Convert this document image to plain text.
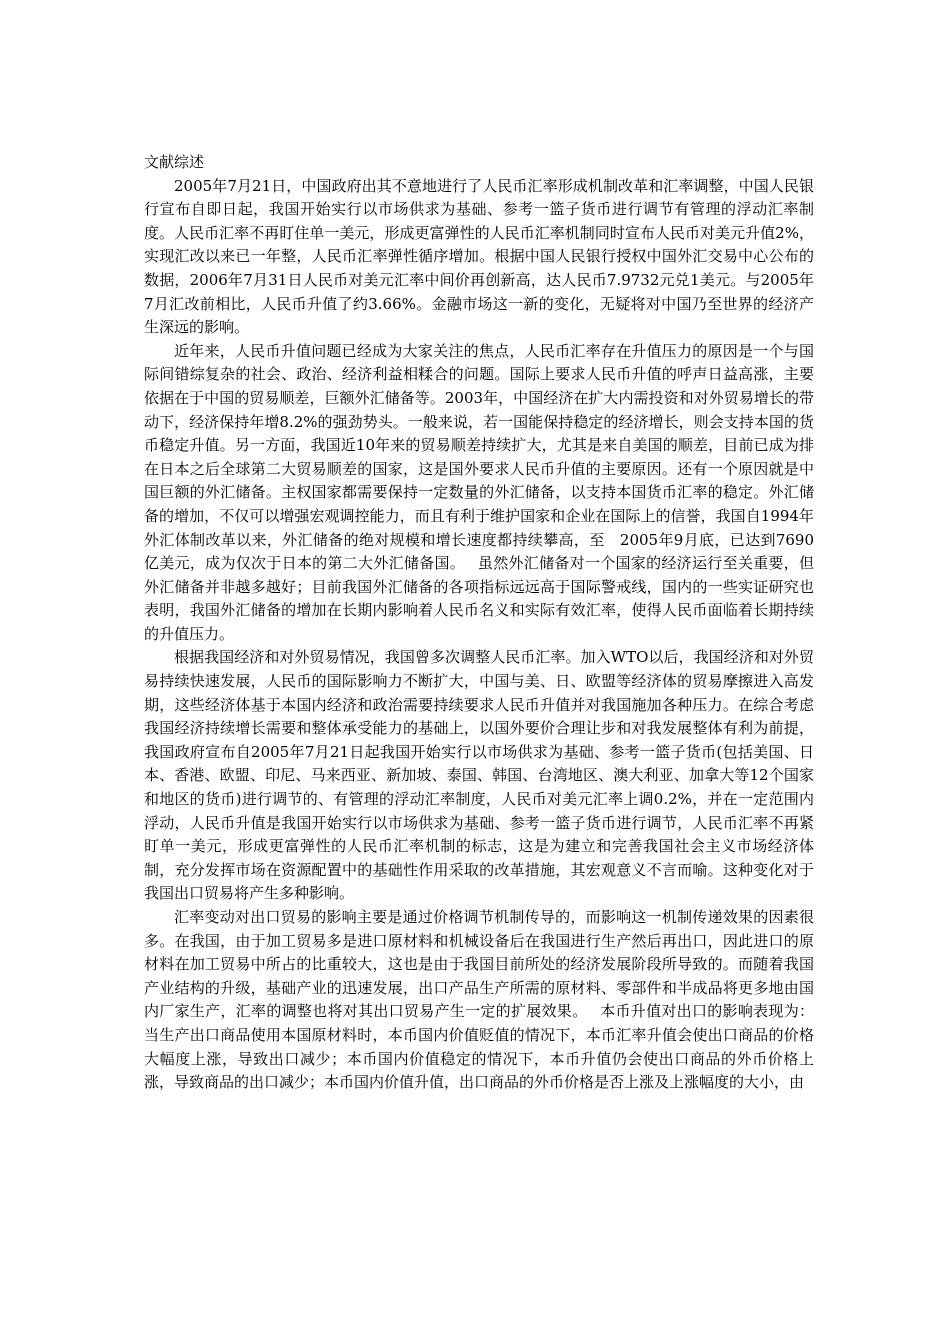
文献综述

2005年7月21日，中国政府出其不意地进行了人民币汇率形成机制改革和汇率调整，中国人民银行宣布自即日起，我国开始实行以市场供求为基础、参考一篮子货币进行调节有管理的浮动汇率制度。人民币汇率不再盯住单一美元，形成更富弹性的人民币汇率机制同时宣布人民币对美元升值2%，实现汇改以来已一年整，人民币汇率弹性循序增加。根据中国人民银行授权中国外汇交易中心公布的数据，2006年7月31日人民币对美元汇率中间价再创新高，达人民币7.9732元兑1美元。与2005年7月汇改前相比，人民币升值了约3.66%。金融市场这一新的变化，无疑将对中国乃至世界的经济产生深远的影响。

近年来，人民币升值问题已经成为大家关注的焦点，人民币汇率存在升值压力的原因是一个与国际间错综复杂的社会、政治、经济利益相糅合的问题。国际上要求人民币升值的呼声日益高涨，主要依据在于中国的贸易顺差，巨额外汇储备等。2003年，中国经济在扩大内需投资和对外贸易增长的带动下，经济保持年增8.2%的强劲势头。一般来说，若一国能保持稳定的经济增长，则会支持本国的货币稳定升值。另一方面，我国近10年来的贸易顺差持续扩大，尤其是来自美国的顺差，目前已成为排在日本之后全球第二大贸易顺差的国家，这是国外要求人民币升值的主要原因。还有一个原因就是中国巨额的外汇储备。主权国家都需要保持一定数量的外汇储备，以支持本国货币汇率的稳定。外汇储备的增加，不仅可以增强宏观调控能力，而且有利于维护国家和企业在国际上的信誉，我国自1994年外汇体制改革以来，外汇储备的绝对规模和增长速度都持续攀高，至　2005年9月底，已达到7690亿美元，成为仅次于日本的第二大外汇储备国。　 虽然外汇储备对一个国家的经济运行至关重要，但外汇储备并非越多越好；目前我国外汇储备的各项指标远远高于国际警戒线，国内的一些实证研究也表明，我国外汇储备的增加在长期内影响着人民币名义和实际有效汇率，使得人民币面临着长期持续的升值压力。

根据我国经济和对外贸易情况，我国曾多次调整人民币汇率。加入WTO以后，我国经济和对外贸易持续快速发展，人民币的国际影响力不断扩大，中国与美、日、欧盟等经济体的贸易摩擦进入高发期，这些经济体基于本国内经济和政治需要持续要求人民币升值并对我国施加各种压力。在综合考虑我国经济持续增长需要和整体承受能力的基础上，以国外要价合理让步和对我发展整体有利为前提，我国政府宣布自2005年7月21日起我国开始实行以市场供求为基础、参考一篮子货币(包括美国、日本、香港、欧盟、印尼、马来西亚、新加坡、泰国、韩国、台湾地区、澳大利亚、加拿大等12个国家和地区的货币)进行调节的、有管理的浮动汇率制度，人民币对美元汇率上调0.2%，并在一定范围内浮动，人民币升值是我国开始实行以市场供求为基础、参考一篮子货币进行调节，人民币汇率不再紧盯单一美元，形成更富弹性的人民币汇率机制的标志，这是为建立和完善我国社会主义市场经济体制，充分发挥市场在资源配置中的基础性作用采取的改革措施，其宏观意义不言而喻。这种变化对于我国出口贸易将产生多种影响。

汇率变动对出口贸易的影响主要是通过价格调节机制传导的，而影响这一机制传递效果的因素很多。在我国，由于加工贸易多是进口原材料和机械设备后在我国进行生产然后再出口，因此进口的原材料在加工贸易中所占的比重较大，这也是由于我国目前所处的经济发展阶段所导致的。而随着我国产业结构的升级，基础产业的迅速发展，出口产品生产所需的原材料、零部件和半成品将更多地由国内厂家生产，汇率的调整也将对其出口贸易产生一定的扩展效果。　 本币升值对出口的影响表现为：当生产出口商品使用本国原材料时，本币国内价值贬值的情况下，本币汇率升值会使出口商品的价格大幅度上涨，导致出口减少；本币国内价值稳定的情况下，本币升值仍会使出口商品的外币价格上涨，导致商品的出口减少；本币国内价值升值，出口商品的外币价格是否上涨及上涨幅度的大小，由
